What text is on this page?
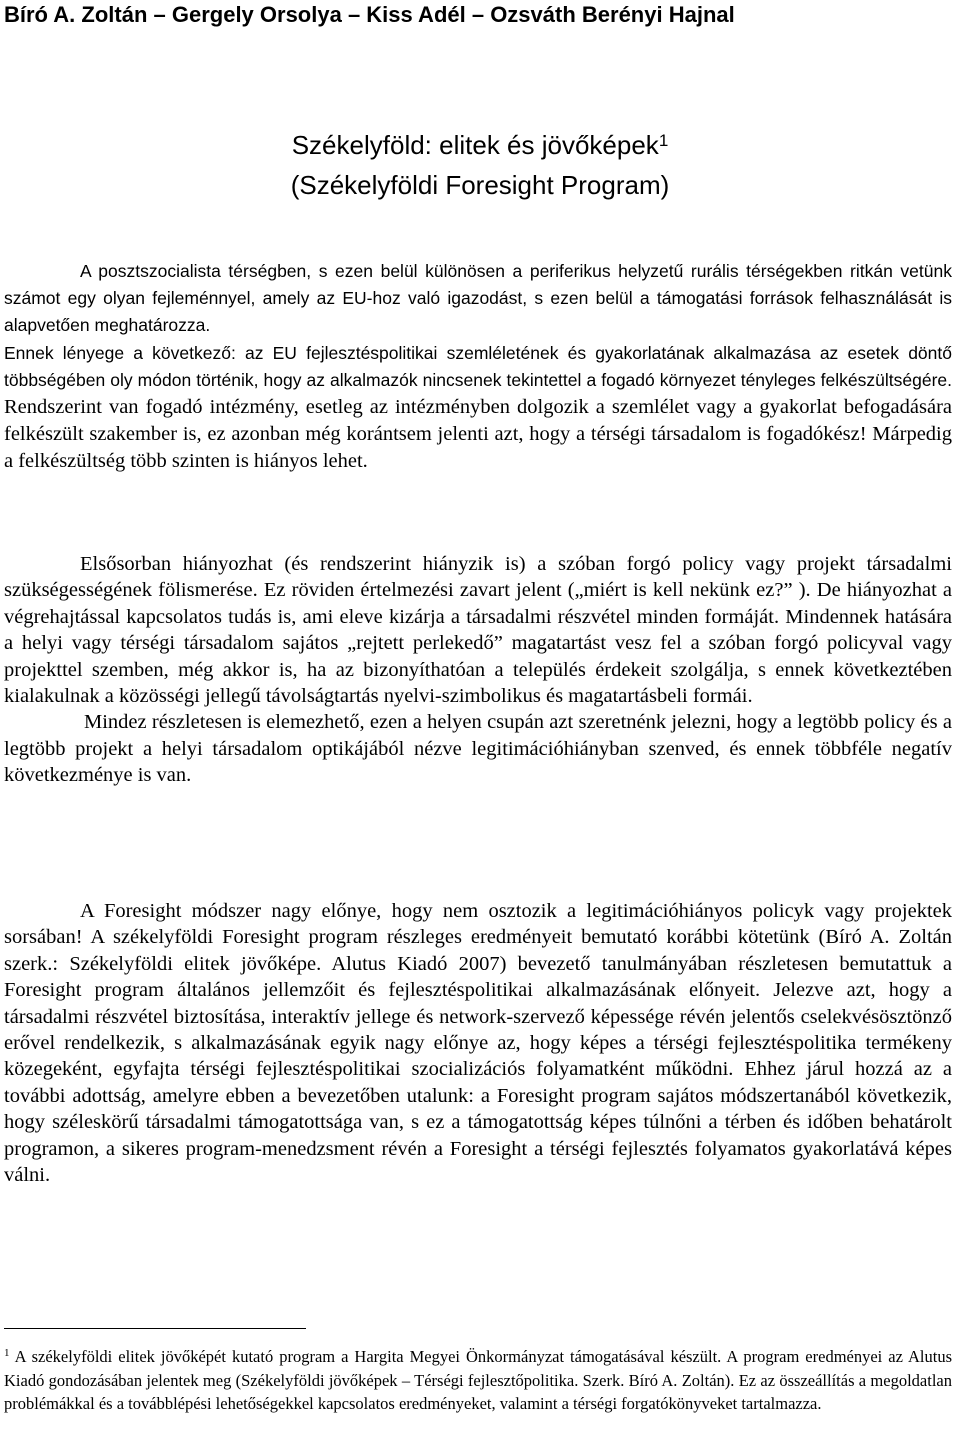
Bíró A. Zoltán – Gergely Orsolya – Kiss Adél – Ozsváth Berényi Hajnal
Székelyföld: elitek és jövőképek$^1$
(Székelyföldi Foresight Program)
A posztszocialista térségben, s ezen belül különösen a periferikus helyzetű rurális térségekben ritkán vetünk számot egy olyan fejleménnyel, amely az EU-hoz való igazodást, s ezen belül a támogatási források felhasználását is alapvetően meghatározza.
Ennek lényege a következő: az EU fejlesztéspolitikai szemléletének és gyakorlatának alkalmazása az esetek döntő többségében oly módon történik, hogy az alkalmazók nincsenek tekintettel a fogadó környezet tényleges felkészültségére. Rendszerint van fogadó intézmény, esetleg az intézményben dolgozik a szemlélet vagy a gyakorlat befogadására felkészült szakember is, ez azonban még korántsem jelenti azt, hogy a térségi társadalom is fogadókész! Márpedig a felkészültség több szinten is hiányos lehet.
Elsősorban hiányozhat (és rendszerint hiányzik is) a szóban forgó policy vagy projekt társadalmi szükségességének fölismerése. Ez röviden értelmezési zavart jelent („miért is kell nekünk ez?” ). De hiányozhat a végrehajtással kapcsolatos tudás is, ami eleve kizárja a társadalmi részvétel minden formáját. Mindennek hatására a helyi vagy térségi társadalom sajátos „rejtett perlekedő” magatartást vesz fel a szóban forgó policyval vagy projekttel szemben, még akkor is, ha az bizonyíthatóan a település érdekeit szolgálja, s ennek következtében kialakulnak a közösségi jellegű távolságtartás nyelvi-szimbolikus és magatartásbeli formái.
Mindez részletesen is elemezhető, ezen a helyen csupán azt szeretnénk jelezni, hogy a legtöbb policy és a legtöbb projekt a helyi társadalom optikájából nézve legitimációhiányban szenved, és ennek többféle negatív következménye is van.
A Foresight módszer nagy előnye, hogy nem osztozik a legitimációhiányos policyk vagy projektek sorsában! A székelyföldi Foresight program részleges eredményeit bemutató korábbi kötetünk (Bíró A. Zoltán szerk.: Székelyföldi elitek jövőképe. Alutus Kiadó 2007) bevezető tanulmányában részletesen bemutattuk a Foresight program általános jellemzőit és fejlesztéspolitikai alkalmazásának előnyeit. Jelezve azt, hogy a társadalmi részvétel biztosítása, interaktív jellege és network-szervező képessége révén jelentős cselekvésösztönző erővel rendelkezik, s alkalmazásának egyik nagy előnye az, hogy képes a térségi fejlesztéspolitika termékeny közegeként, egyfajta térségi fejlesztéspolitikai szocializációs folyamatként működni. Ehhez járul hozzá az a további adottság, amelyre ebben a bevezetőben utalunk: a Foresight program sajátos módszertanából következik, hogy széleskörű társadalmi támogatottsága van, s ez a támogatottság képes túlnőni a térben és időben behatárolt programon, a sikeres program-menedzsment révén a Foresight a térségi fejlesztés folyamatos gyakorlatává képes válni.
$^1$ A székelyföldi elitek jövőképét kutató program a Hargita Megyei Önkormányzat támogatásával készült. A program eredményei az Alutus Kiadó gondozásában jelentek meg (Székelyföldi jövőképek – Térségi fejlesztőpolitika. Szerk. Bíró A. Zoltán). Ez az összeállítás a megoldatlan problémákkal és a továbblépési lehetőségekkel kapcsolatos eredményeket, valamint a térségi forgatókönyveket tartalmazza.
